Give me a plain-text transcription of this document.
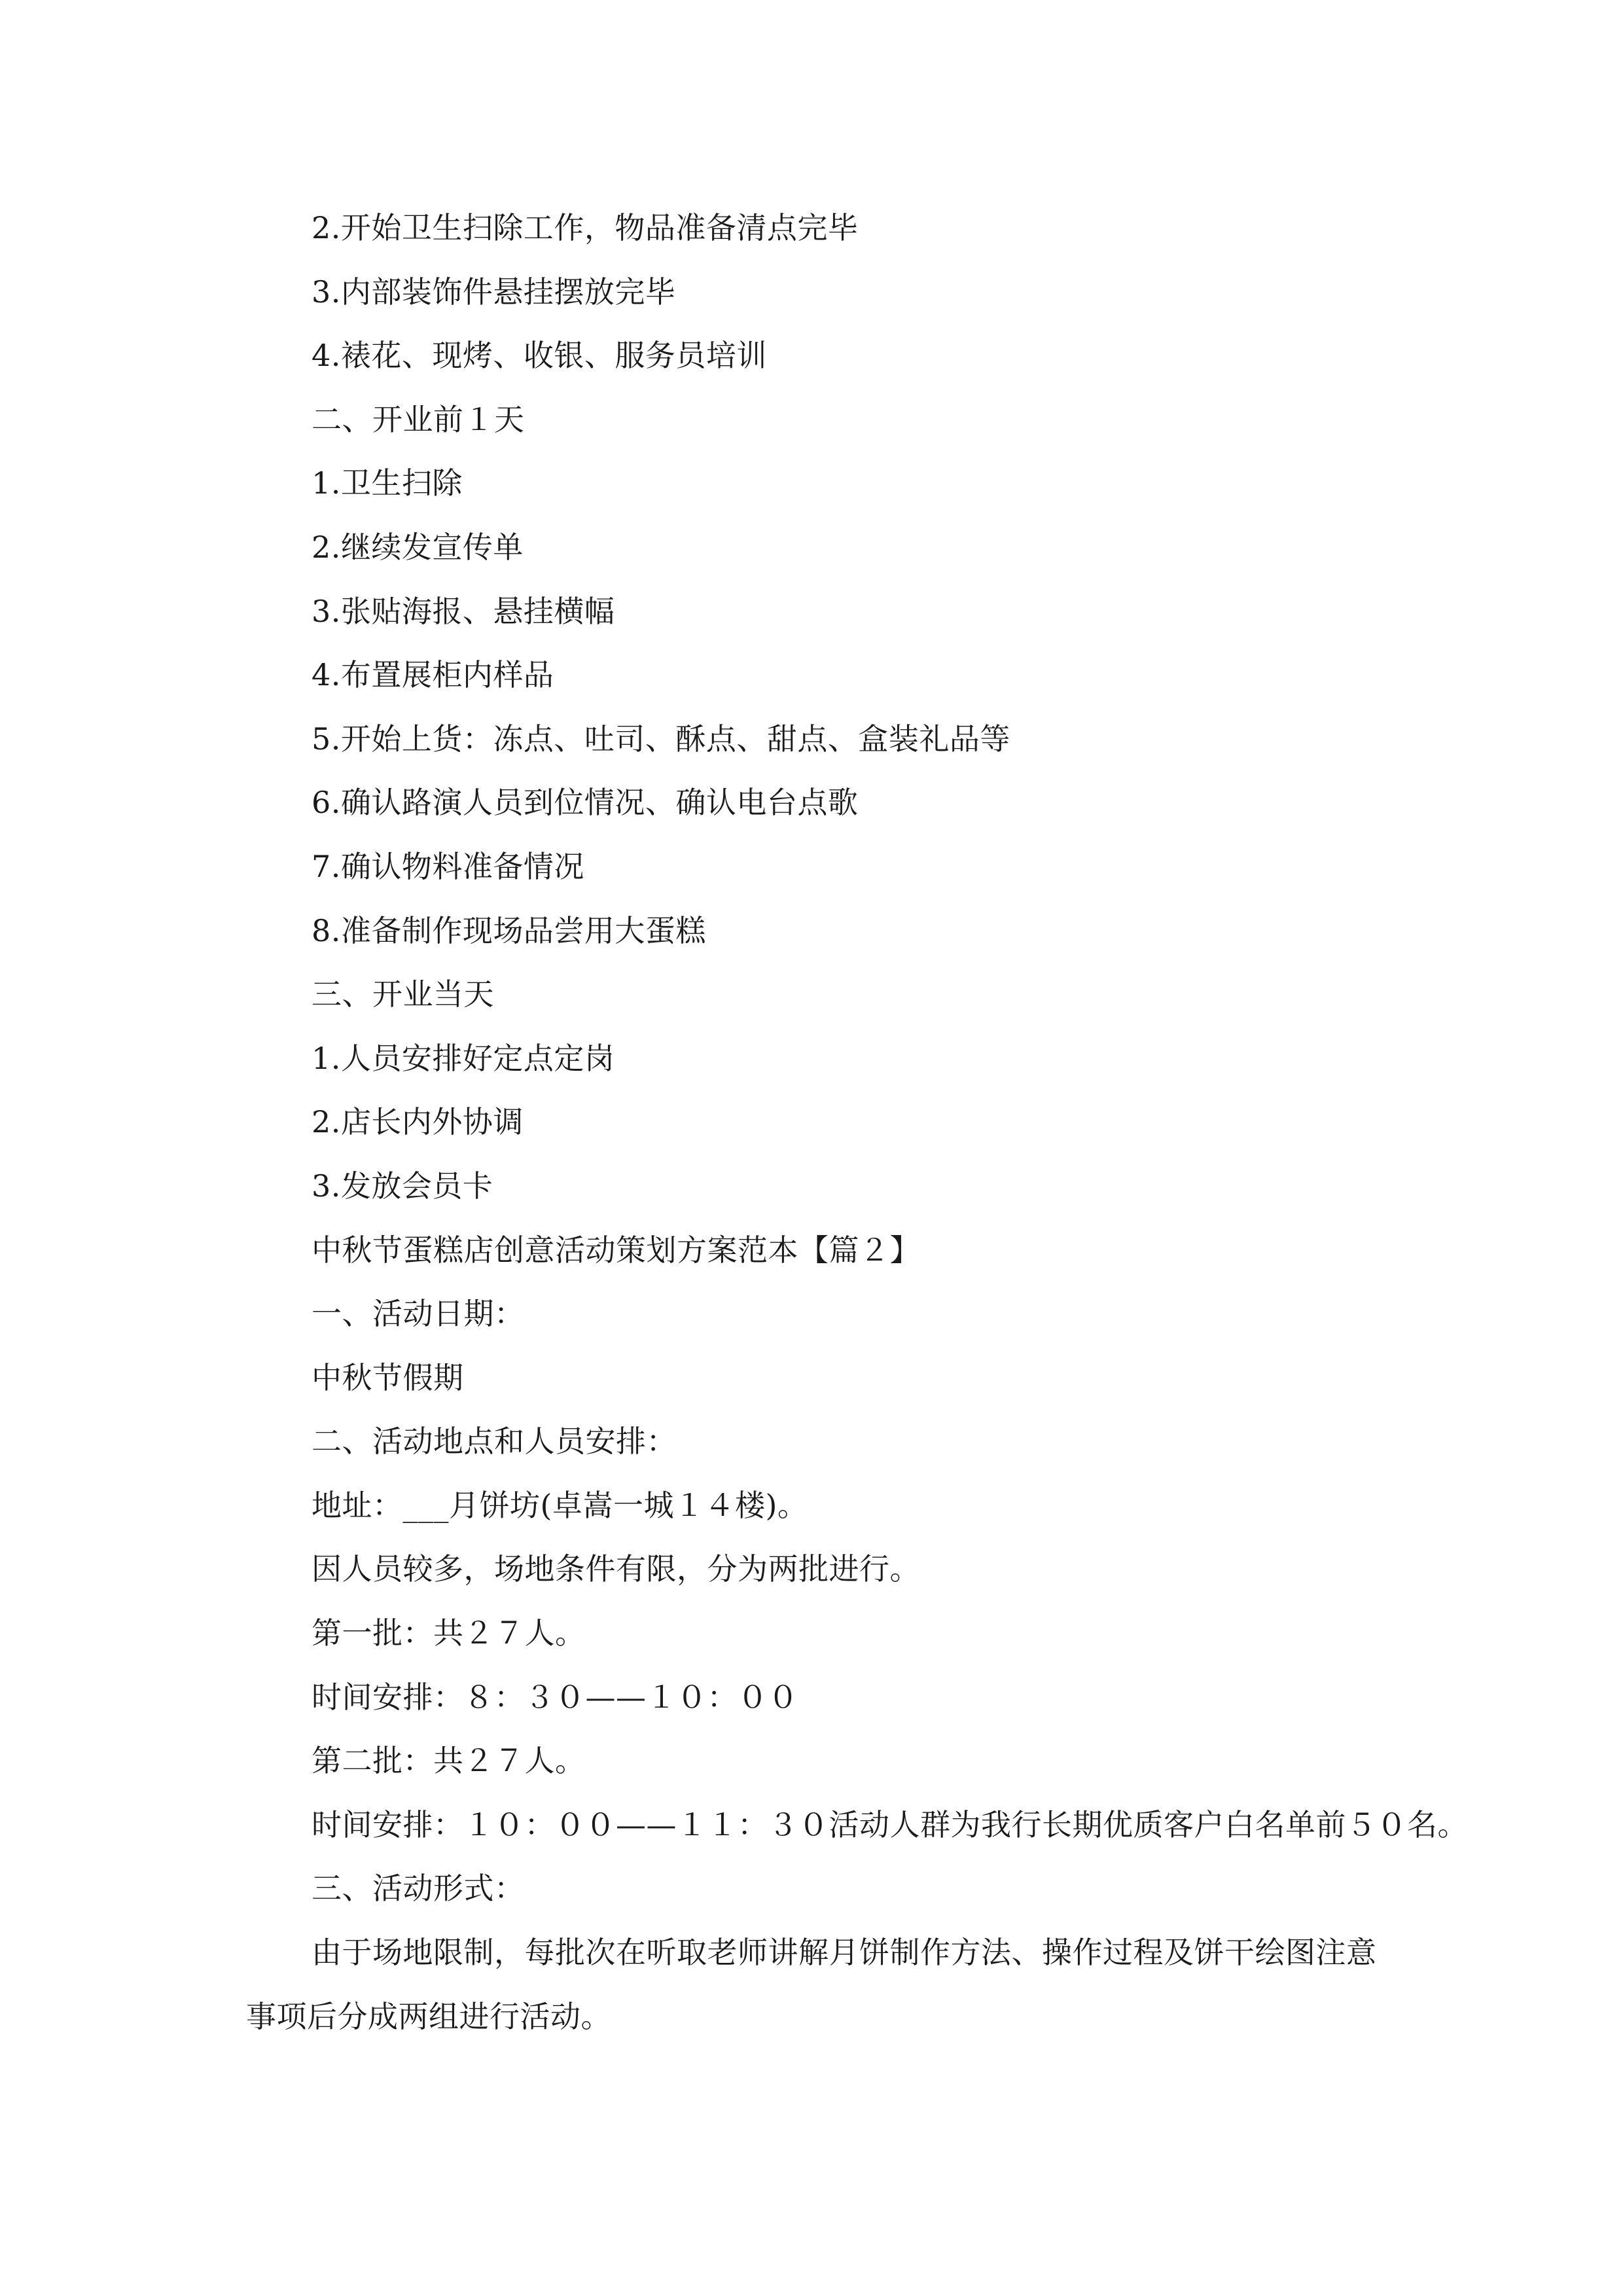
2.开始卫生扫除工作，物品准备清点完毕
3.内部装饰件悬挂摆放完毕
4.裱花、现烤、收银、服务员培训
二、开业前１天
1.卫生扫除
2.继续发宣传单
3.张贴海报、悬挂横幅
4.布置展柜内样品
5.开始上货：冻点、吐司、酥点、甜点、盒装礼品等
6.确认路演人员到位情况、确认电台点歌
7.确认物料准备情况
8.准备制作现场品尝用大蛋糕
三、开业当天
1.人员安排好定点定岗
2.店长内外协调
3.发放会员卡
中秋节蛋糕店创意活动策划方案范本【篇２】
一、活动日期：
中秋节假期
二、活动地点和人员安排：
地址：___月饼坊(卓嵩一城１４楼)。
因人员较多，场地条件有限，分为两批进行。
第一批：共２７人。
时间安排：８：３０——１０：００
第二批：共２７人。
时间安排：１０：００——１１：３０活动人群为我行长期优质客户白名单前５０名。
三、活动形式：

由于场地限制，每批次在听取老师讲解月饼制作方法、操作过程及饼干绘图注意事项后分成两组进行活动。
